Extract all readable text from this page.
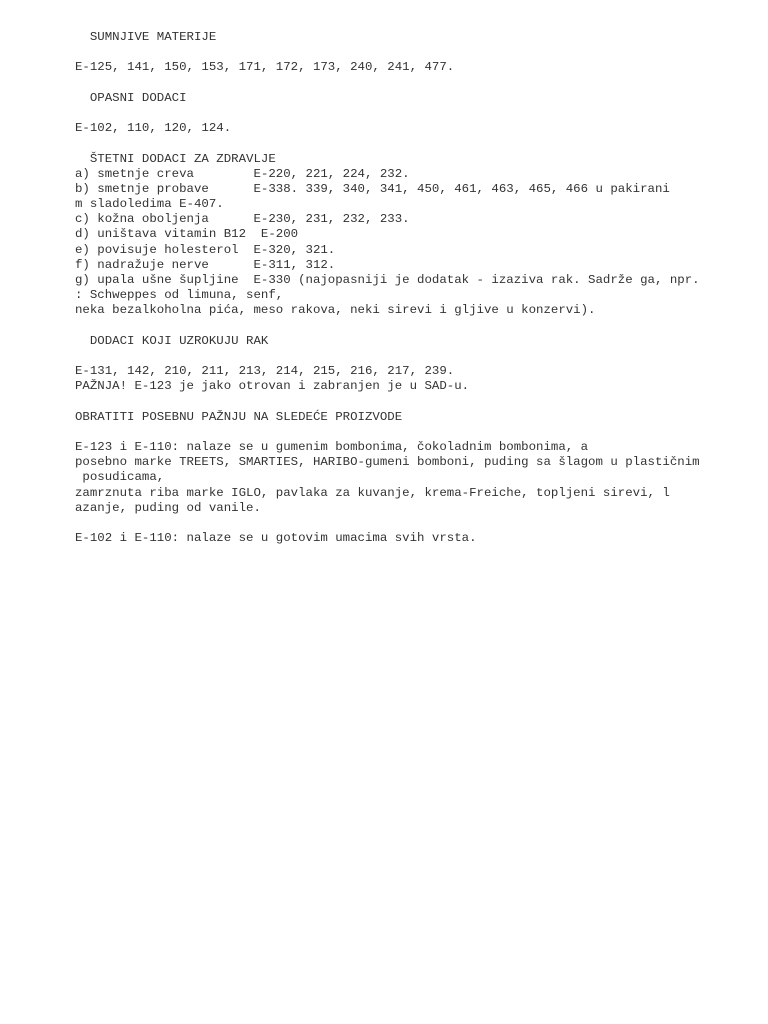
SUMNJIVE MATERIJE
E-125, 141, 150, 153, 171, 172, 173, 240, 241, 477.
OPASNI DODACI
E-102, 110, 120, 124.
ŠTETNI DODACI ZA ZDRAVLJE
a) smetnje creva        E-220, 221, 224, 232.
b) smetnje probave      E-338. 339, 340, 341, 450, 461, 463, 465, 466 u pakirani
m sladoledima E-407.
c) kožna oboljenja      E-230, 231, 232, 233.
d) uništava vitamin B12  E-200
e) povisuje holesterol  E-320, 321.
f) nadražuje nerve      E-311, 312.
g) upala ušne šupljine  E-330 (najopasniji je dodatak - izaziva rak. Sadrže ga, npr.
: Schweppes od limuna, senf,
neka bezalkoholna pića, meso rakova, neki sirevi i gljive u konzervi).
DODACI KOJI UZROKUJU RAK
E-131, 142, 210, 211, 213, 214, 215, 216, 217, 239.
PAŽNJA! E-123 je jako otrovan i zabranjen je u SAD-u.
OBRATITI POSEBNU PAŽNJU NA SLEDEĆE PROIZVODE
E-123 i E-110: nalaze se u gumenim bombonima, čokoladnim bombonima, a
posebno marke TREETS, SMARTIES, HARIBO-gumeni bomboni, puding sa šlagom u plastičnim
posudicama,
zamrznuta riba marke IGLO, pavlaka za kuvanje, krema-Freiche, topljeni sirevi, l
azanje, puding od vanile.
E-102 i E-110: nalaze se u gotovim umacima svih vrsta.
